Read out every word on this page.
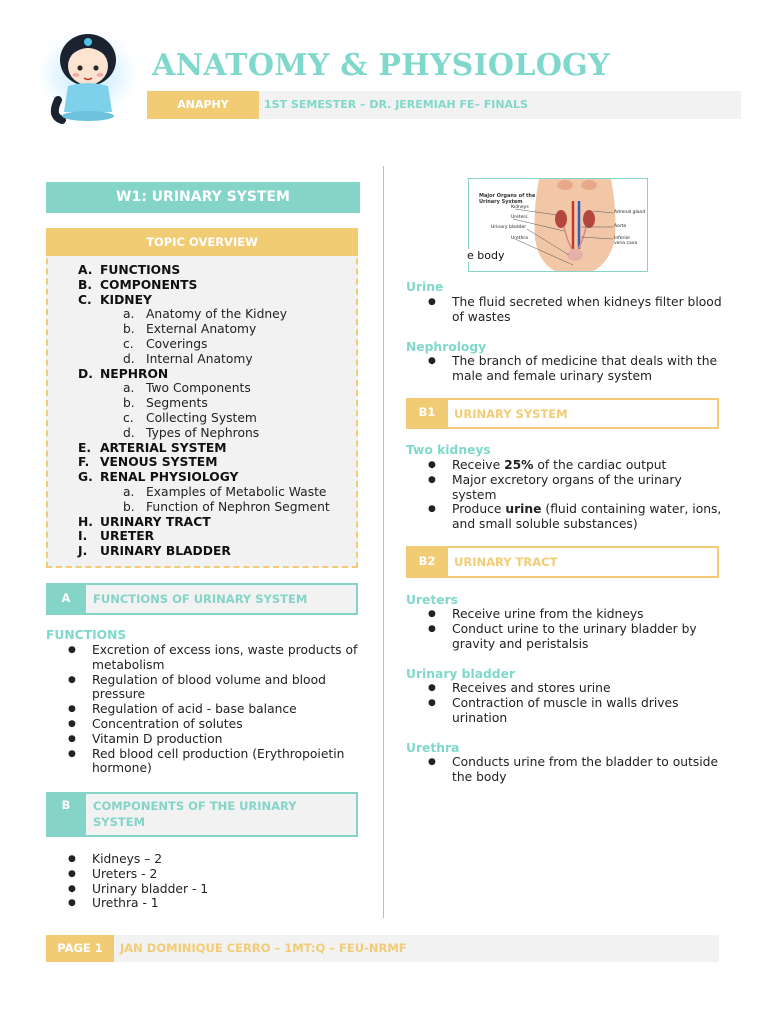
ANATOMY & PHYSIOLOGY
ANAPHY	1ST SEMESTER – DR. JEREMIAH FE– FINALS
W1: URINARY SYSTEM
TOPIC OVERVIEW
A. FUNCTIONS
B. COMPONENTS
C. KIDNEY
a. Anatomy of the Kidney
b. External Anatomy
c. Coverings
d. Internal Anatomy
D. NEPHRON
a. Two Components
b. Segments
c. Collecting System
d. Types of Nephrons
E. ARTERIAL SYSTEM
F. VENOUS SYSTEM
G. RENAL PHYSIOLOGY
a. Examples of Metabolic Waste
b. Function of Nephron Segment
H. URINARY TRACT
I. URETER
J. URINARY BLADDER
A	FUNCTIONS OF URINARY SYSTEM
FUNCTIONS
● Excretion of excess ions, waste products of metabolism
● Regulation of blood volume and blood pressure
● Regulation of acid - base balance
● Concentration of solutes
● Vitamin D production
● Red blood cell production (Erythropoietin hormone)
B	COMPONENTS OF THE URINARY SYSTEM
● Kidneys – 2
● Ureters - 2
● Urinary bladder - 1
● Urethra - 1
Major Organs of the Urinary System
Kidneys
Ureters
Urinary bladder
Urethra
Adrenal gland
Aorta
Inferior vena cava
e body
Urine
● The fluid secreted when kidneys filter blood of wastes
Nephrology
● The branch of medicine that deals with the male and female urinary system
B1	URINARY SYSTEM
Two kidneys
● Receive 25% of the cardiac output
● Major excretory organs of the urinary system
● Produce urine (fluid containing water, ions, and small soluble substances)
B2	URINARY TRACT
Ureters
● Receive urine from the kidneys
● Conduct urine to the urinary bladder by gravity and peristalsis
Urinary bladder
● Receives and stores urine
● Contraction of muscle in walls drives urination
Urethra
● Conducts urine from the bladder to outside the body
PAGE 1	JAN DOMINIQUE CERRO – 1MT:Q – FEU-NRMF
